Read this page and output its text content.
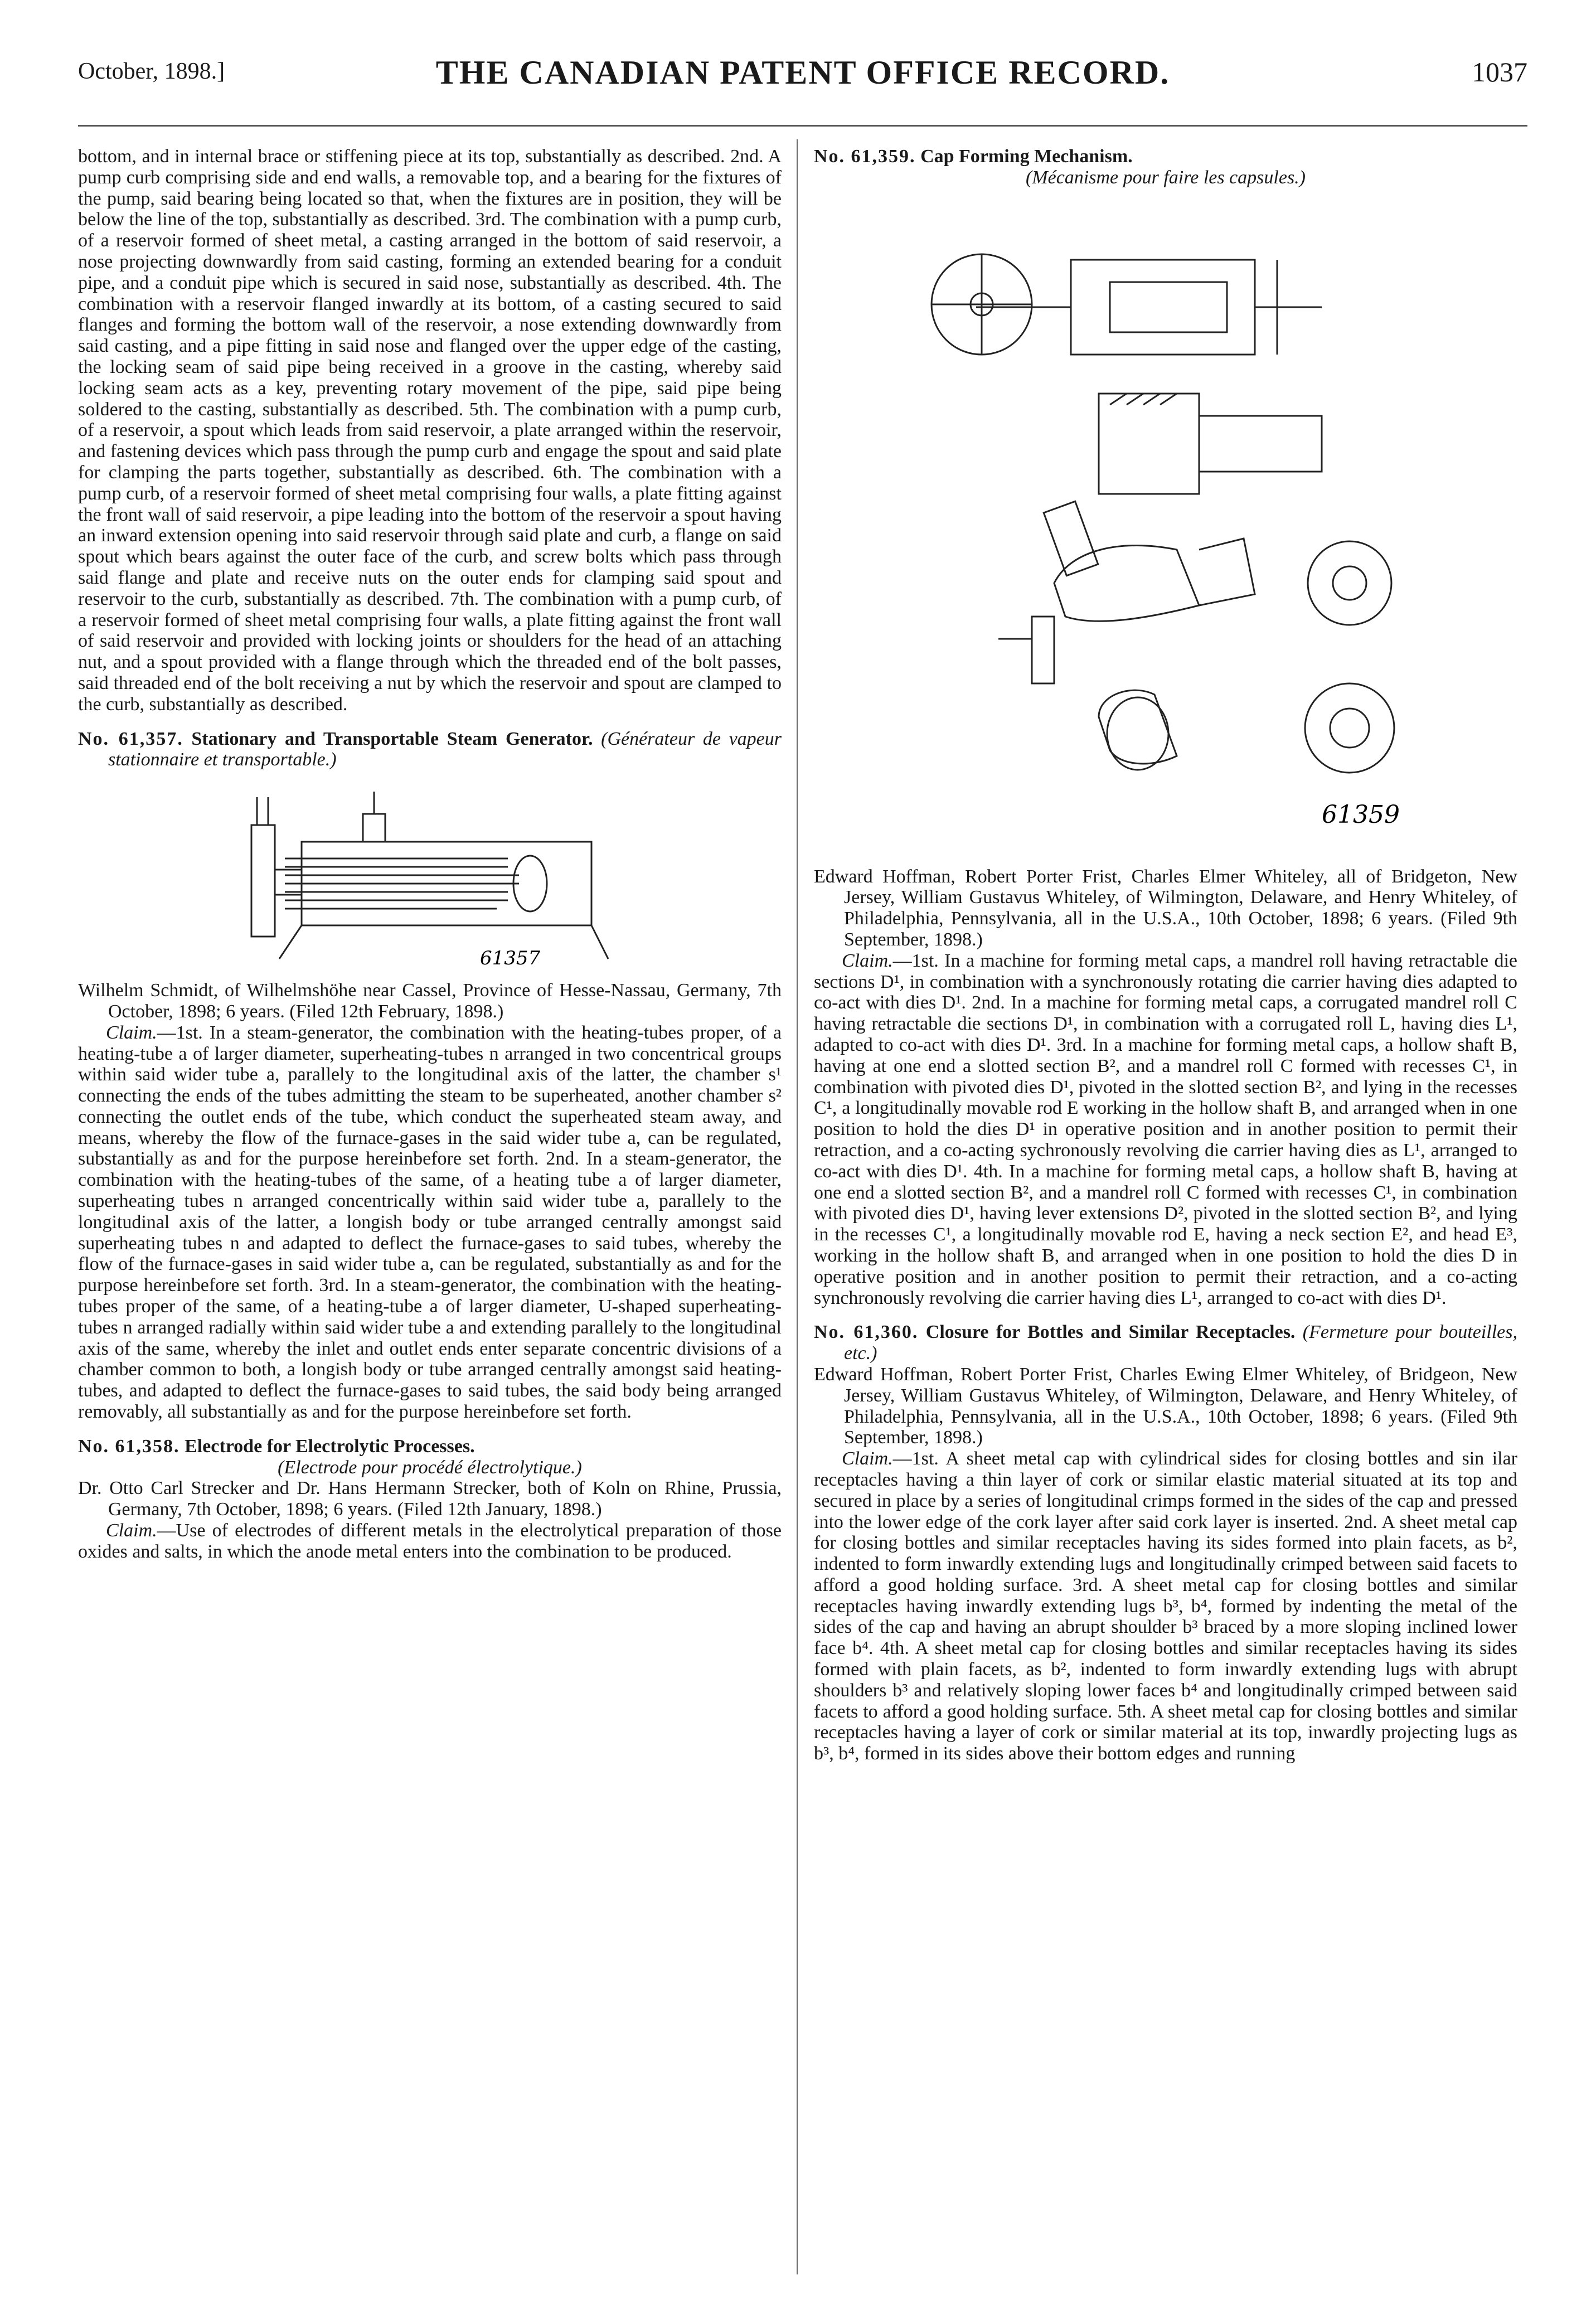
October, 1898.]	THE CANADIAN PATENT OFFICE RECORD.	1037

bottom, and in internal brace or stiffening piece at its top, substantially as described. 2nd. A pump curb comprising side and end walls, a removable top, and a bearing for the fixtures of the pump, said bearing being located so that, when the fixtures are in position, they will be below the line of the top, substantially as described. 3rd. The combination with a pump curb, of a reservoir formed of sheet metal, a casting arranged in the bottom of said reservoir, a nose projecting downwardly from said casting, forming an extended bearing for a conduit pipe, and a conduit pipe which is secured in said nose, substantially as described. 4th. The combination with a reservoir flanged inwardly at its bottom, of a casting secured to said flanges and forming the bottom wall of the reservoir, a nose extending downwardly from said casting, and a pipe fitting in said nose and flanged over the upper edge of the casting, the locking seam of said pipe being received in a groove in the casting, whereby said locking seam acts as a key, preventing rotary movement of the pipe, said pipe being soldered to the casting, substantially as described. 5th. The combination with a pump curb, of a reservoir, a spout which leads from said reservoir, a plate arranged within the reservoir, and fastening devices which pass through the pump curb and engage the spout and said plate for clamping the parts together, substantially as described. 6th. The combination with a pump curb, of a reservoir formed of sheet metal comprising four walls, a plate fitting against the front wall of said reservoir, a pipe leading into the bottom of the reservoir a spout having an inward extension opening into said reservoir through said plate and curb, a flange on said spout which bears against the outer face of the curb, and screw bolts which pass through said flange and plate and receive nuts on the outer ends for clamping said spout and reservoir to the curb, substantially as described. 7th. The combination with a pump curb, of a reservoir formed of sheet metal comprising four walls, a plate fitting against the front wall of said reservoir and provided with locking joints or shoulders for the head of an attaching nut, and a spout provided with a flange through which the threaded end of the bolt passes, said threaded end of the bolt receiving a nut by which the reservoir and spout are clamped to the curb, substantially as described.

No. 61,357. Stationary and Transportable Steam Generator. (Générateur de vapeur stationnaire et transportable.)

61357

Wilhelm Schmidt, of Wilhelmshöhe near Cassel, Province of Hesse-Nassau, Germany, 7th October, 1898; 6 years. (Filed 12th February, 1898.)

Claim.—1st. In a steam-generator, the combination with the heating-tubes proper, of a heating-tube a of larger diameter, superheating-tubes n arranged in two concentrical groups within said wider tube a, parallely to the longitudinal axis of the latter, the chamber s¹ connecting the ends of the tubes admitting the steam to be superheated, another chamber s² connecting the outlet ends of the tube, which conduct the superheated steam away, and means, whereby the flow of the furnace-gases in the said wider tube a, can be regulated, substantially as and for the purpose hereinbefore set forth. 2nd. In a steam-generator, the combination with the heating-tubes of the same, of a heating tube a of larger diameter, superheating tubes n arranged concentrically within said wider tube a, parallely to the longitudinal axis of the latter, a longish body or tube arranged centrally amongst said superheating tubes n and adapted to deflect the furnace-gases to said tubes, whereby the flow of the furnace-gases in said wider tube a, can be regulated, substantially as and for the purpose hereinbefore set forth. 3rd. In a steam-generator, the combination with the heating-tubes proper of the same, of a heating-tube a of larger diameter, U-shaped superheating-tubes n arranged radially within said wider tube a and extending parallely to the longitudinal axis of the same, whereby the inlet and outlet ends enter separate concentric divisions of a chamber common to both, a longish body or tube arranged centrally amongst said heating-tubes, and adapted to deflect the furnace-gases to said tubes, the said body being arranged removably, all substantially as and for the purpose hereinbefore set forth.

No. 61,358. Electrode for Electrolytic Processes.

(Electrode pour procédé électrolytique.)

Dr. Otto Carl Strecker and Dr. Hans Hermann Strecker, both of Koln on Rhine, Prussia, Germany, 7th October, 1898; 6 years. (Filed 12th January, 1898.)

Claim.—Use of electrodes of different metals in the electrolytical preparation of those oxides and salts, in which the anode metal enters into the combination to be produced.

No. 61,359. Cap Forming Mechanism.

(Mécanisme pour faire les capsules.)

61359

Edward Hoffman, Robert Porter Frist, Charles Elmer Whiteley, all of Bridgeton, New Jersey, William Gustavus Whiteley, of Wilmington, Delaware, and Henry Whiteley, of Philadelphia, Pennsylvania, all in the U.S.A., 10th October, 1898; 6 years. (Filed 9th September, 1898.)

Claim.—1st. In a machine for forming metal caps, a mandrel roll having retractable die sections D¹, in combination with a synchronously rotating die carrier having dies adapted to co-act with dies D¹. 2nd. In a machine for forming metal caps, a corrugated mandrel roll C having retractable die sections D¹, in combination with a corrugated roll L, having dies L¹, adapted to co-act with dies D¹. 3rd. In a machine for forming metal caps, a hollow shaft B, having at one end a slotted section B², and a mandrel roll C formed with recesses C¹, in combination with pivoted dies D¹, pivoted in the slotted section B², and lying in the recesses C¹, a longitudinally movable rod E working in the hollow shaft B, and arranged when in one position to hold the dies D¹ in operative position and in another position to permit their retraction, and a co-acting sychronously revolving die carrier having dies as L¹, arranged to co-act with dies D¹. 4th. In a machine for forming metal caps, a hollow shaft B, having at one end a slotted section B², and a mandrel roll C formed with recesses C¹, in combination with pivoted dies D¹, having lever extensions D², pivoted in the slotted section B², and lying in the recesses C¹, a longitudinally movable rod E, having a neck section E², and head E³, working in the hollow shaft B, and arranged when in one position to hold the dies D in operative position and in another position to permit their retraction, and a co-acting synchronously revolving die carrier having dies L¹, arranged to co-act with dies D¹.

No. 61,360. Closure for Bottles and Similar Receptacles. (Fermeture pour bouteilles, etc.)

Edward Hoffman, Robert Porter Frist, Charles Ewing Elmer Whiteley, of Bridgeon, New Jersey, William Gustavus Whiteley, of Wilmington, Delaware, and Henry Whiteley, of Philadelphia, Pennsylvania, all in the U.S.A., 10th October, 1898; 6 years. (Filed 9th September, 1898.)

Claim.—1st. A sheet metal cap with cylindrical sides for closing bottles and sin ilar receptacles having a thin layer of cork or similar elastic material situated at its top and secured in place by a series of longitudinal crimps formed in the sides of the cap and pressed into the lower edge of the cork layer after said cork layer is inserted. 2nd. A sheet metal cap for closing bottles and similar receptacles having its sides formed into plain facets, as b², indented to form inwardly extending lugs and longitudinally crimped between said facets to afford a good holding surface. 3rd. A sheet metal cap for closing bottles and similar receptacles having inwardly extending lugs b³, b⁴, formed by indenting the metal of the sides of the cap and having an abrupt shoulder b³ braced by a more sloping inclined lower face b⁴. 4th. A sheet metal cap for closing bottles and similar receptacles having its sides formed with plain facets, as b², indented to form inwardly extending lugs with abrupt shoulders b³ and relatively sloping lower faces b⁴ and longitudinally crimped between said facets to afford a good holding surface. 5th. A sheet metal cap for closing bottles and similar receptacles having a layer of cork or similar material at its top, inwardly projecting lugs as b³, b⁴, formed in its sides above their bottom edges and running
